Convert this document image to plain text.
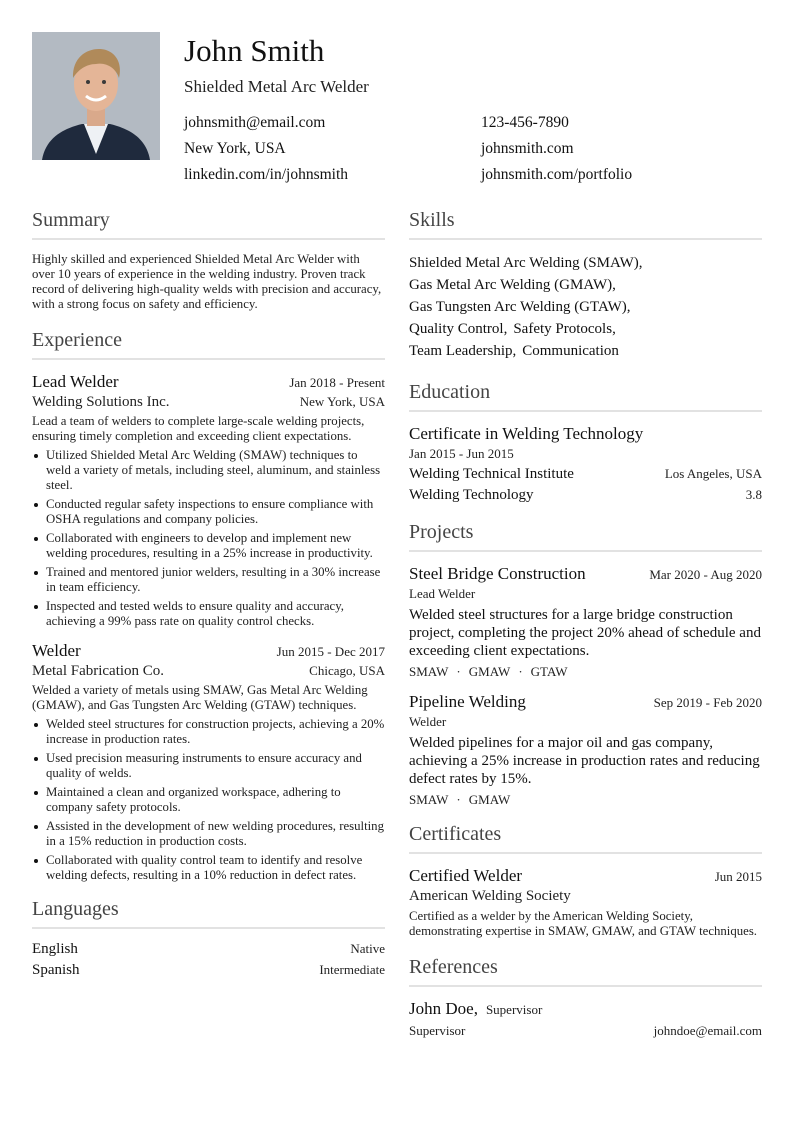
John Smith
Shielded Metal Arc Welder
johnsmith@email.com	123-456-7890
New York, USA	johnsmith.com
linkedin.com/in/johnsmith	johnsmith.com/portfolio
Summary
Highly skilled and experienced Shielded Metal Arc Welder with over 10 years of experience in the welding industry. Proven track record of delivering high-quality welds with precision and accuracy, with a strong focus on safety and efficiency.
Experience
Lead Welder	Jan 2018 - Present
Welding Solutions Inc.	New York, USA
Lead a team of welders to complete large-scale welding projects, ensuring timely completion and exceeding client expectations.
Utilized Shielded Metal Arc Welding (SMAW) techniques to weld a variety of metals, including steel, aluminum, and stainless steel.
Conducted regular safety inspections to ensure compliance with OSHA regulations and company policies.
Collaborated with engineers to develop and implement new welding procedures, resulting in a 25% increase in productivity.
Trained and mentored junior welders, resulting in a 30% increase in team efficiency.
Inspected and tested welds to ensure quality and accuracy, achieving a 99% pass rate on quality control checks.
Welder	Jun 2015 - Dec 2017
Metal Fabrication Co.	Chicago, USA
Welded a variety of metals using SMAW, Gas Metal Arc Welding (GMAW), and Gas Tungsten Arc Welding (GTAW) techniques.
Welded steel structures for construction projects, achieving a 20% increase in production rates.
Used precision measuring instruments to ensure accuracy and quality of welds.
Maintained a clean and organized workspace, adhering to company safety protocols.
Assisted in the development of new welding procedures, resulting in a 15% reduction in production costs.
Collaborated with quality control team to identify and resolve welding defects, resulting in a 10% reduction in defect rates.
Languages
English	Native
Spanish	Intermediate
Skills
Shielded Metal Arc Welding (SMAW),
Gas Metal Arc Welding (GMAW),
Gas Tungsten Arc Welding (GTAW),
Quality Control, Safety Protocols,
Team Leadership, Communication
Education
Certificate in Welding Technology
Jan 2015 - Jun 2015
Welding Technical Institute	Los Angeles, USA
Welding Technology	3.8
Projects
Steel Bridge Construction	Mar 2020 - Aug 2020
Lead Welder
Welded steel structures for a large bridge construction project, completing the project 20% ahead of schedule and exceeding client expectations.
SMAW · GMAW · GTAW
Pipeline Welding	Sep 2019 - Feb 2020
Welder
Welded pipelines for a major oil and gas company, achieving a 25% increase in production rates and reducing defect rates by 15%.
SMAW · GMAW
Certificates
Certified Welder	Jun 2015
American Welding Society
Certified as a welder by the American Welding Society, demonstrating expertise in SMAW, GMAW, and GTAW techniques.
References
John Doe, Supervisor
Supervisor	johndoe@email.com
